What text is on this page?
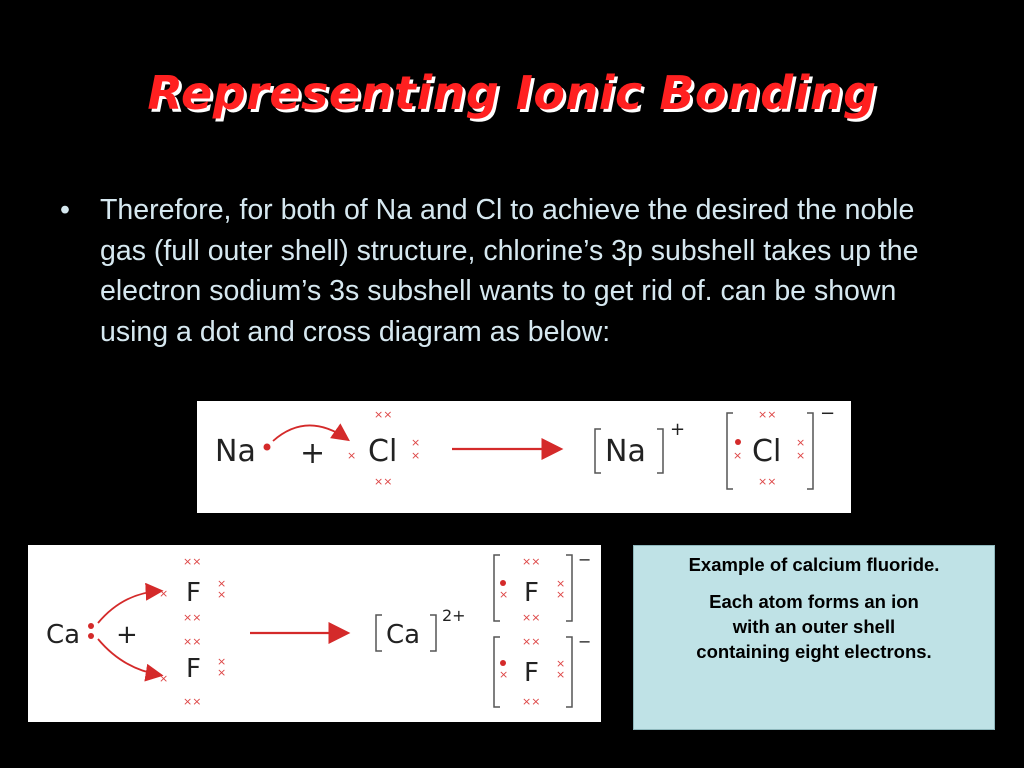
Representing Ionic Bonding
•	Therefore, for both of Na and Cl to achieve the desired the noble gas (full outer shell) structure, chlorine’s 3p subshell takes up the electron sodium’s 3s subshell wants to get rid of. can be shown using a dot and cross diagram as below:
Na + Cl
××
××
×
×
×	Na
+
× Cl
××
××
×
×
−
Ca +
F
××
××
×
×
×
F
××
××
×
×
×
Ca
2+
× F
××
××
×
×
−
× F
××
××
×
×
−

Example of calcium fluoride.

Each atom forms an ion

with an outer shell

containing eight electrons.
